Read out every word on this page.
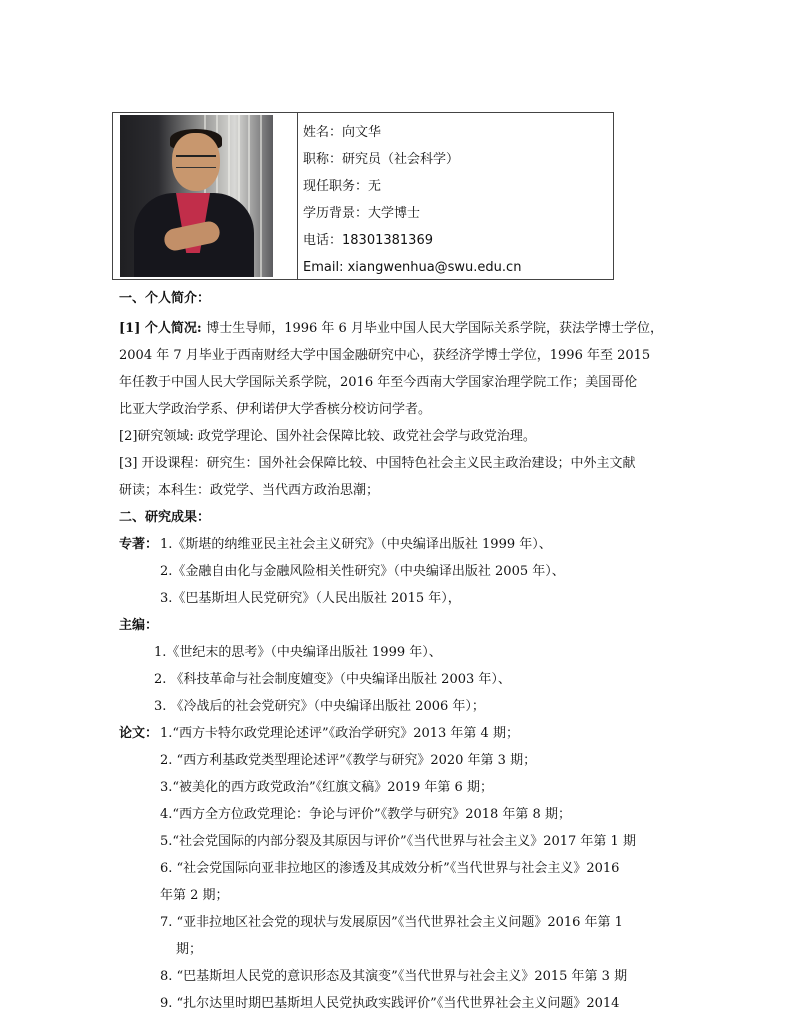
姓名：向文华
职称：研究员（社会科学）
现任职务：无
学历背景：大学博士
电话：18301381369
Email: xiangwenhua@swu.edu.cn
一、个人简介：
[1] 个人简况: 博士生导师，1996 年 6 月毕业中国人民大学国际关系学院，获法学博士学位，
2004 年 7 月毕业于西南财经大学中国金融研究中心，获经济学博士学位，1996 年至 2015
年任教于中国人民大学国际关系学院，2016 年至今西南大学国家治理学院工作；美国哥伦
比亚大学政治学系、伊利诺伊大学香槟分校访问学者。
[2]研究领域: 政党学理论、国外社会保障比较、政党社会学与政党治理。
[3] 开设课程：研究生：国外社会保障比较、中国特色社会主义民主政治建设；中外主文献
研读；本科生：政党学、当代西方政治思潮；
二、研究成果：
专著： 1.《斯堪的纳维亚民主社会主义研究》（中央编译出版社 1999 年）、
2.《金融自由化与金融风险相关性研究》（中央编译出版社 2005 年）、
3.《巴基斯坦人民党研究》（人民出版社 2015 年），
主编：
1.《世纪末的思考》（中央编译出版社 1999 年）、
2. 《科技革命与社会制度嬗变》（中央编译出版社 2003 年）、
3. 《冷战后的社会党研究》（中央编译出版社 2006 年）；
论文： 1.“西方卡特尔政党理论述评”《政治学研究》2013 年第 4 期；
2. “西方利基政党类型理论述评”《教学与研究》2020 年第 3 期；
3.“被美化的西方政党政治”《红旗文稿》2019 年第 6 期；
4.“西方全方位政党理论：争论与评价”《教学与研究》2018 年第 8 期；
5.“社会党国际的内部分裂及其原因与评价”《当代世界与社会主义》2017 年第 1 期
6. “社会党国际向亚非拉地区的渗透及其成效分析”《当代世界与社会主义》2016
年第 2 期；
7. “亚非拉地区社会党的现状与发展原因”《当代世界社会主义问题》2016 年第 1
期；
8. “巴基斯坦人民党的意识形态及其演变”《当代世界与社会主义》2015 年第 3 期
9. “扎尔达里时期巴基斯坦人民党执政实践评价”《当代世界社会主义问题》2014
